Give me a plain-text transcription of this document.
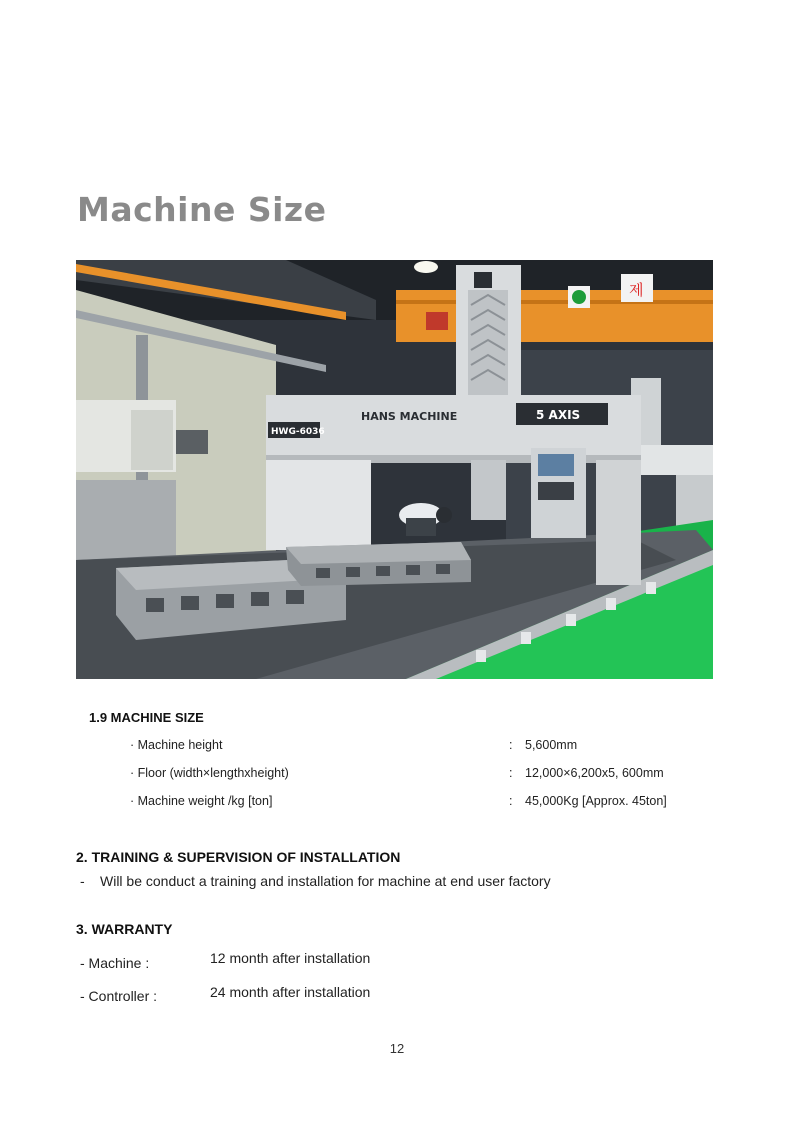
Machine Size
제
5 AXIS
HANS MACHINE
HWG-6036
1.9 MACHINE SIZE
· Machine height	: 5,600mm
· Floor (width×lengthxheight)	: 12,000×6,200x5, 600mm
· Machine weight /kg [ton]	: 45,000Kg [Approx. 45ton]
2. TRAINING & SUPERVISION OF INSTALLATION
- Will be conduct a training and installation for machine at end user factory
3. WARRANTY
- Machine :	12 month after installation
- Controller :	24 month after installation
12
